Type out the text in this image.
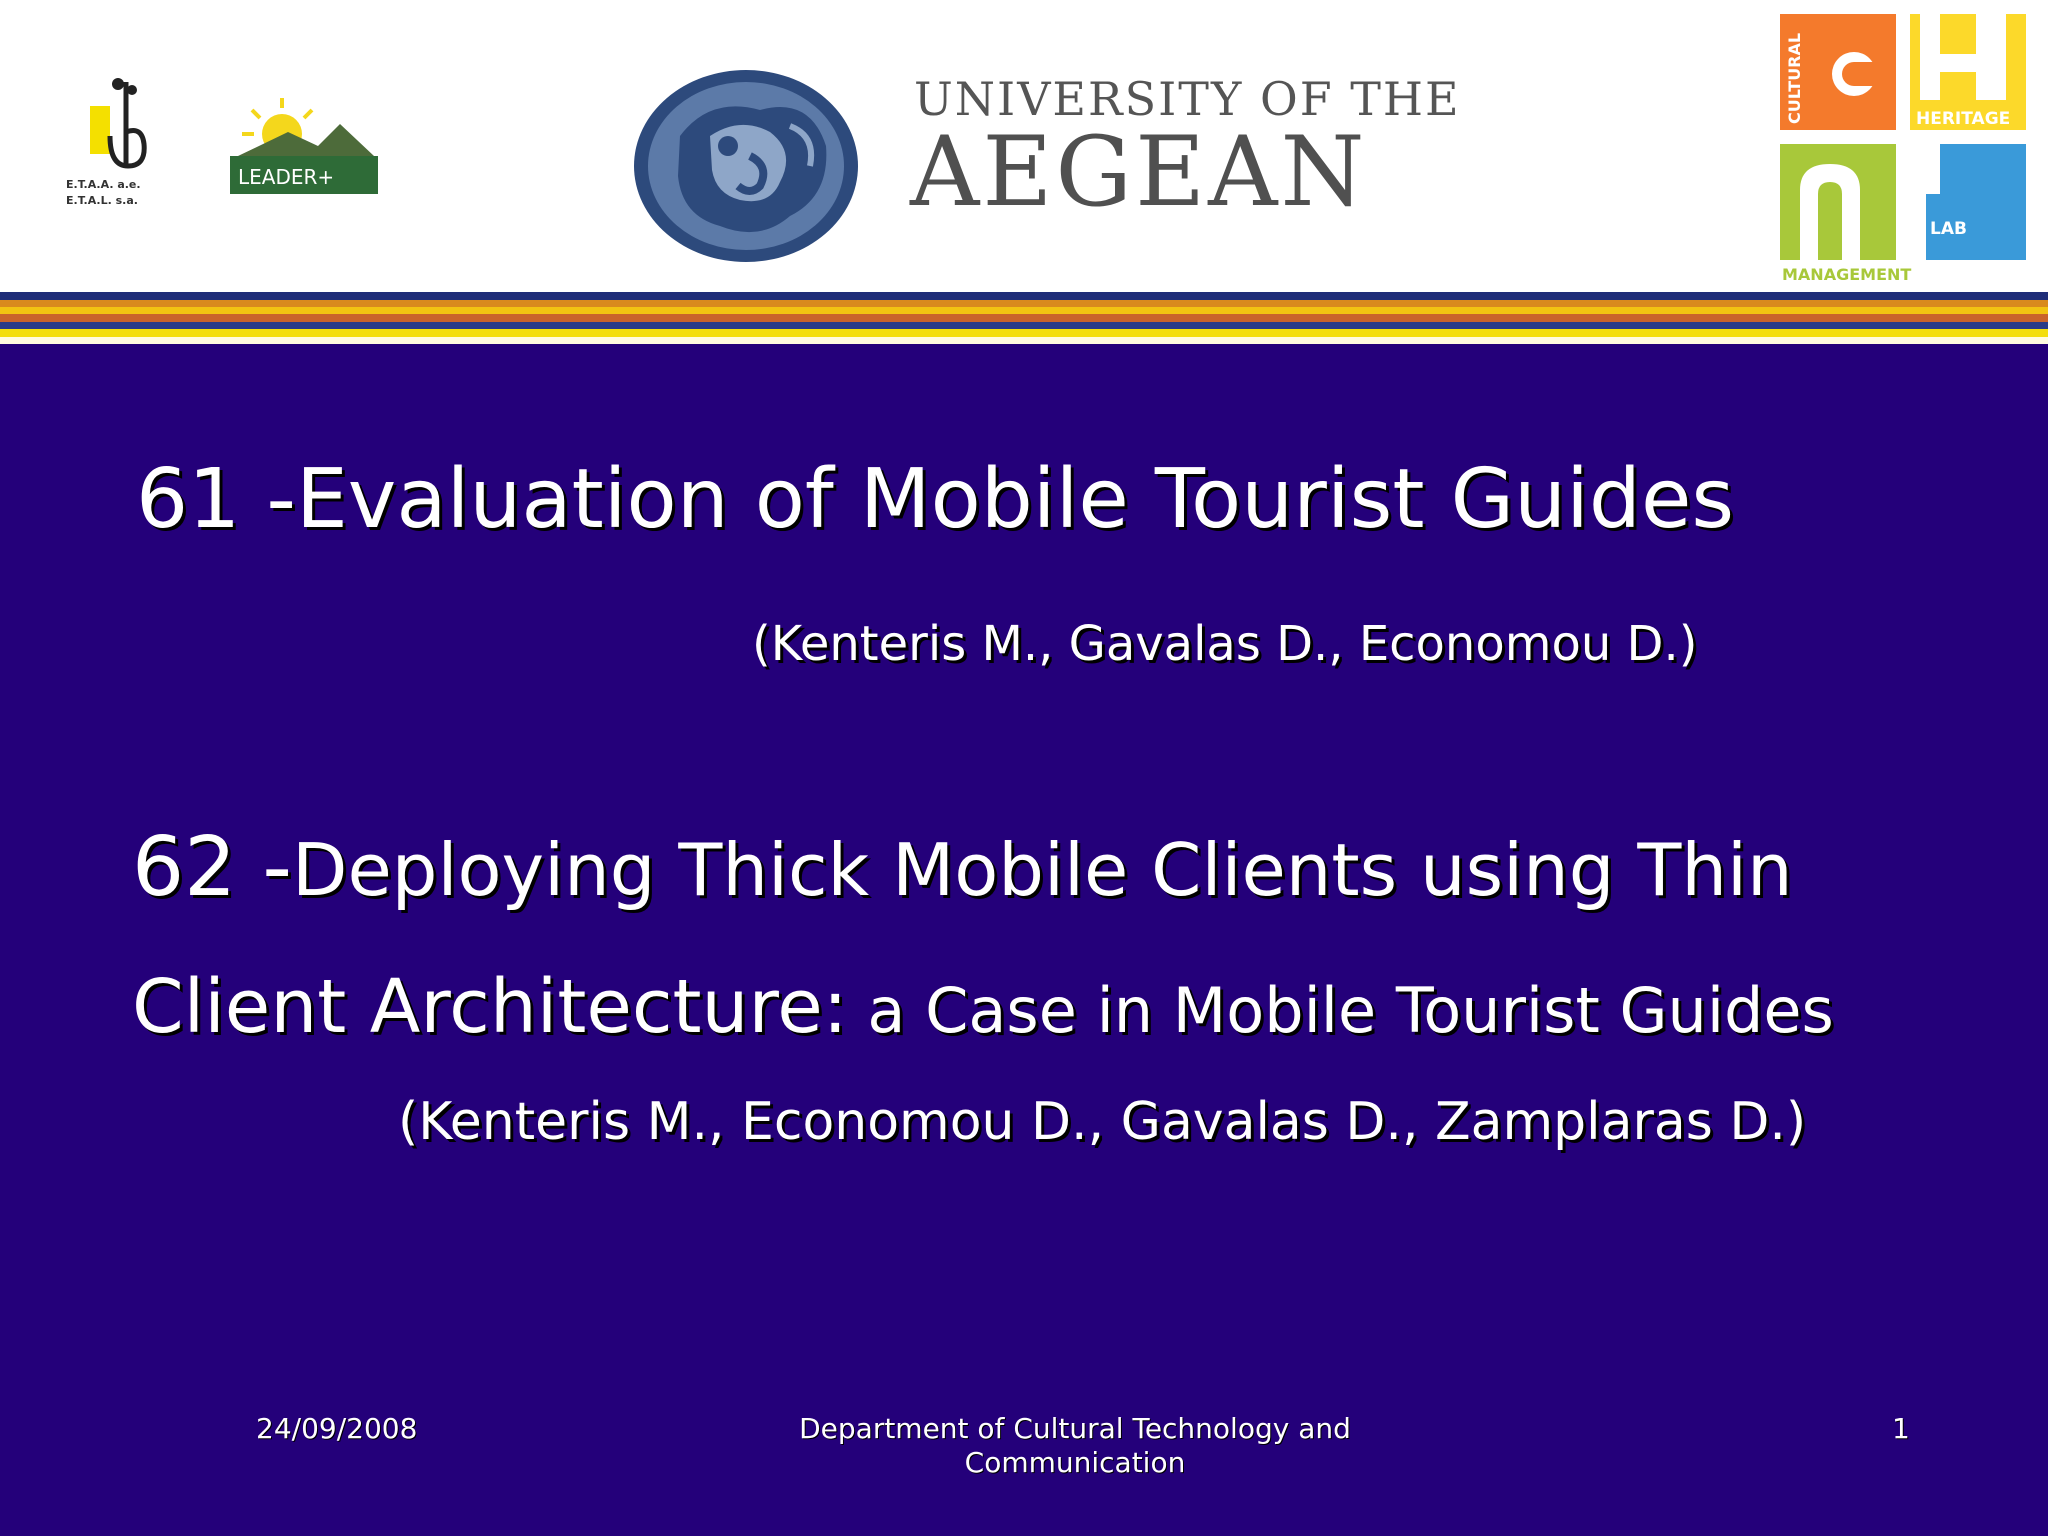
E.T.A.A. a.e.
E.T.A.L. s.a.
LEADER+
UNIVERSITY OF THE
AEGEAN
CULTURAL	HERITAGE
MANAGEMENT
LAB
61 -Evaluation of Mobile Tourist Guides
(Kenteris M., Gavalas D., Economou D.)
62 -Deploying Thick Mobile Clients using Thin
Client Architecture: a Case in Mobile Tourist Guides
(Kenteris M., Economou D., Gavalas D., Zamplaras D.)
24/09/2008	Department of Cultural Technology and
Communication
1
